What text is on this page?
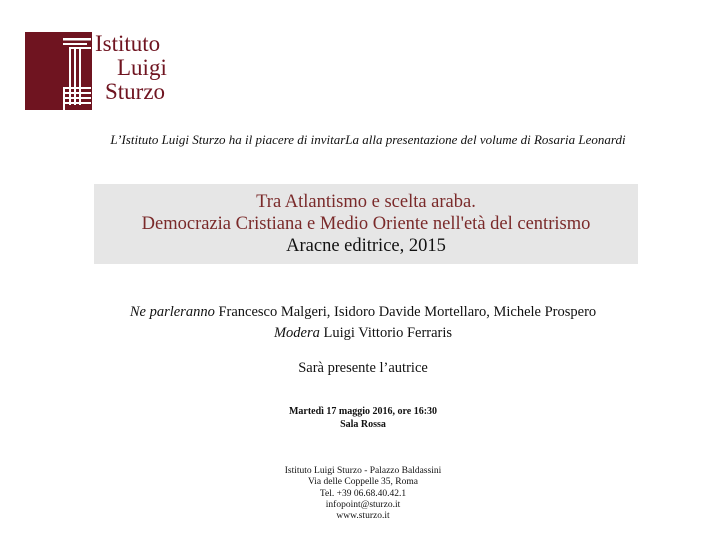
Istituto
Luigi
Sturzo
L’Istituto Luigi Sturzo ha il piacere di invitarLa alla presentazione del volume di Rosaria Leonardi
Tra Atlantismo e scelta araba.
Democrazia Cristiana e Medio Oriente nell'età del centrismo
Aracne editrice, 2015
Ne parleranno Francesco Malgeri, Isidoro Davide Mortellaro, Michele Prospero
Modera Luigi Vittorio Ferraris
Sarà presente l’autrice
Martedì 17 maggio 2016, ore 16:30
Sala Rossa
Istituto Luigi Sturzo - Palazzo Baldassini
Via delle Coppelle 35, Roma
Tel. +39 06.68.40.42.1
infopoint@sturzo.it
www.sturzo.it
